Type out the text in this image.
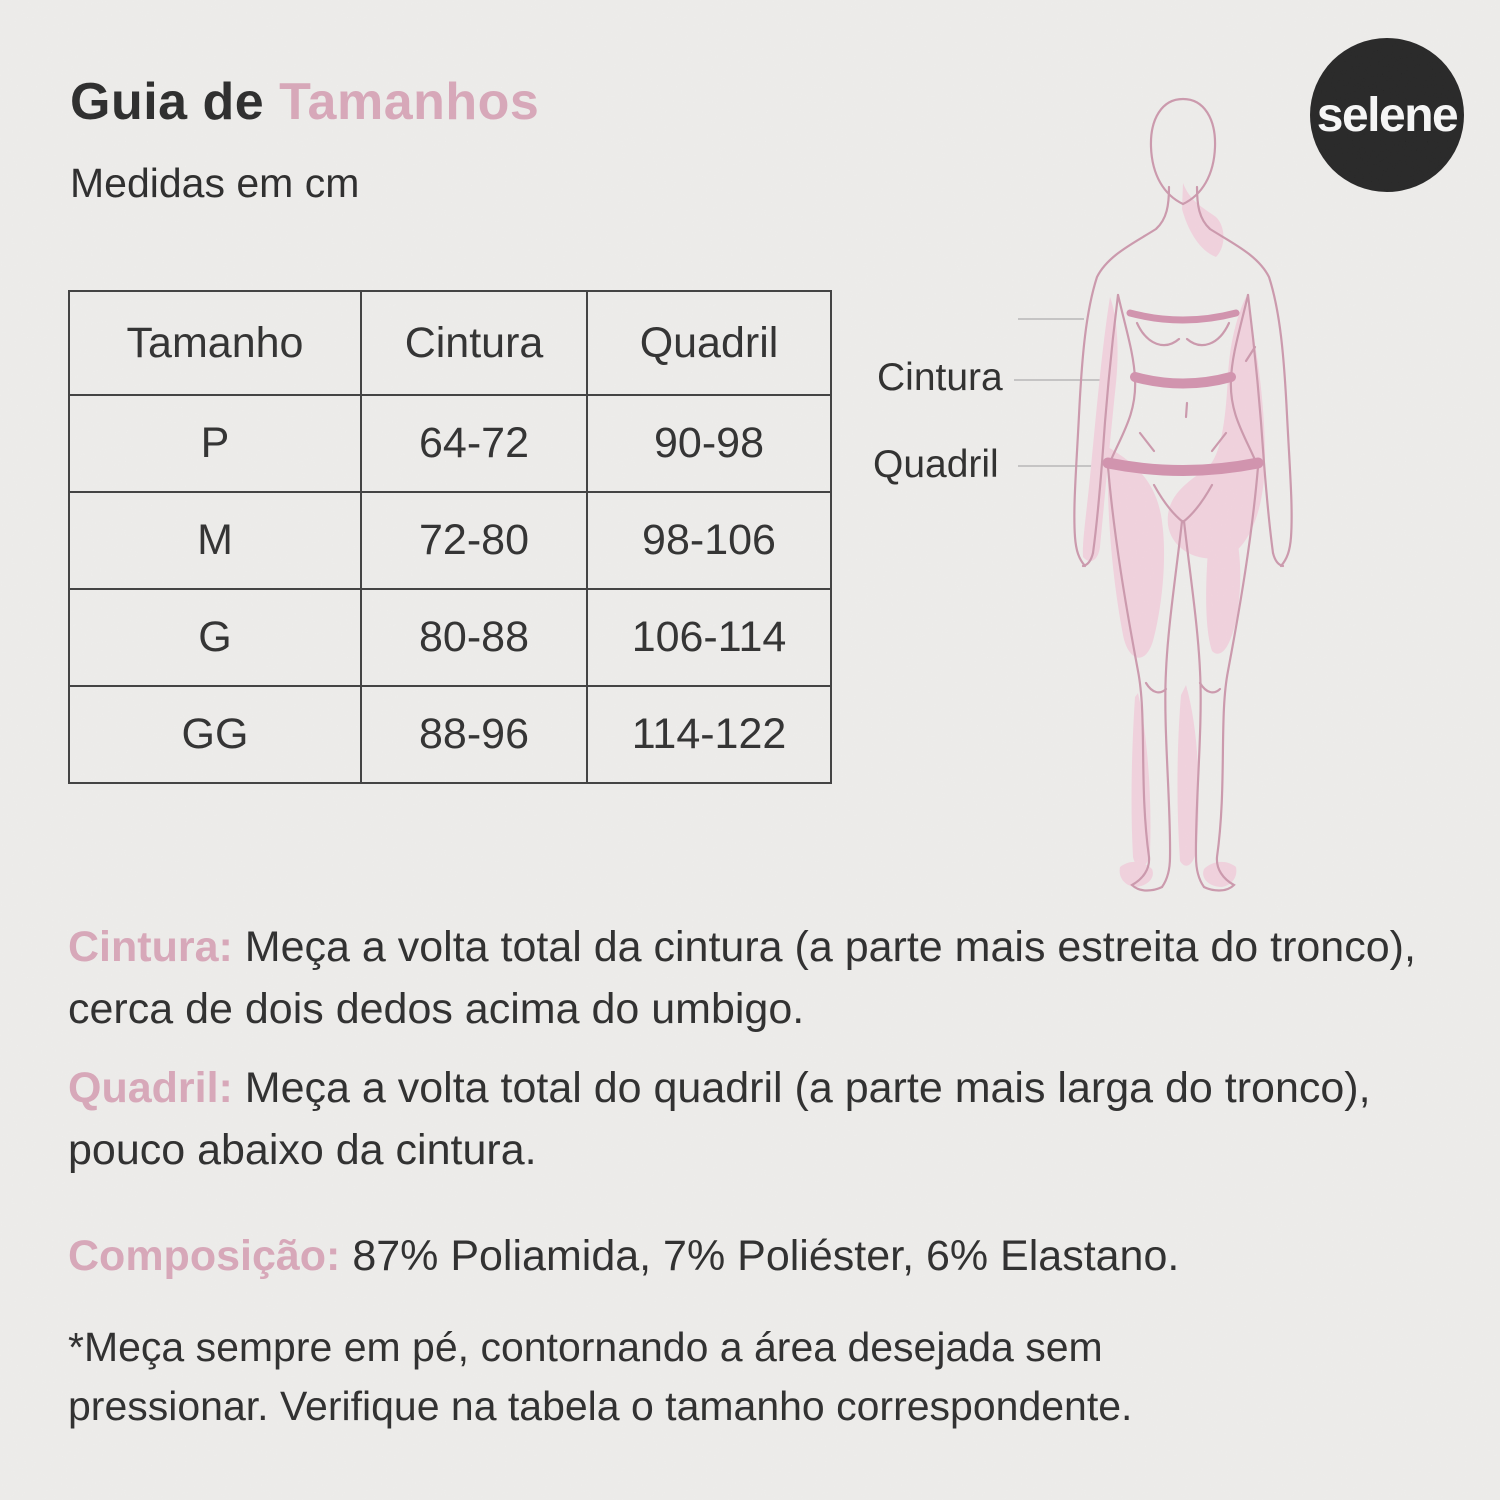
Guia de Tamanhos
Medidas em cm
Tamanho	Cintura	Quadril
P	64-72	90-98
M	72-80	98-106
G	80-88	106-114
GG	88-96	114-122
Cintura
Quadril
selene

Cintura: Meça a volta total da cintura (a parte mais estreita do tronco), cerca de dois dedos acima do umbigo.

Quadril: Meça a volta total do quadril (a parte mais larga do tronco), pouco abaixo da cintura.

Composição: 87% Poliamida, 7% Poliéster, 6% Elastano.

*Meça sempre em pé, contornando a área desejada sem pressionar. Verifique na tabela o tamanho correspondente.
